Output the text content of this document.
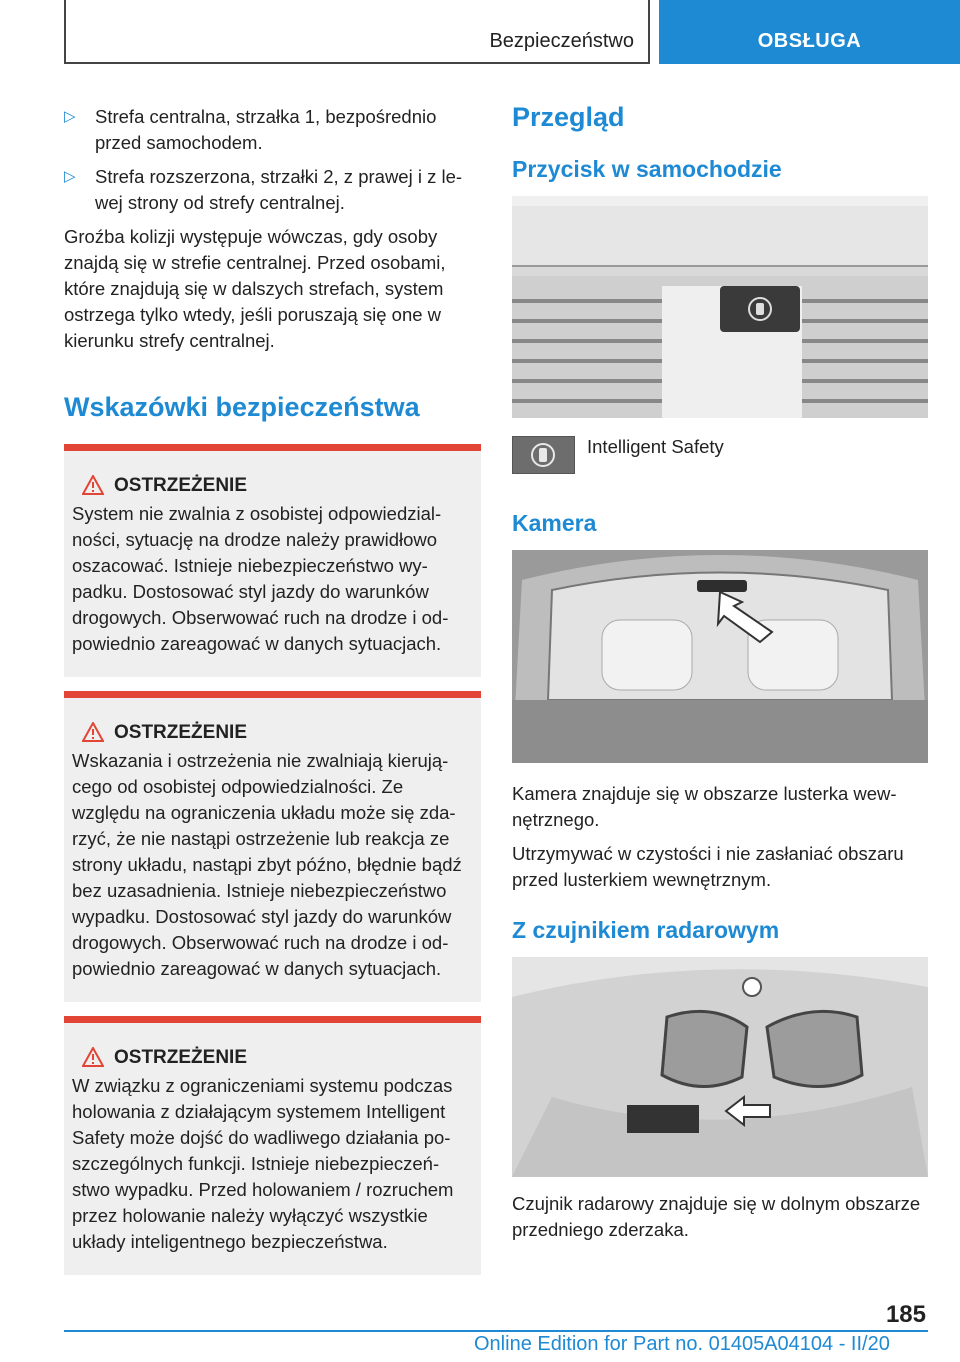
Bezpieczeństwo	OBSŁUGA
▷ Strefa centralna, strzałka 1, bezpośrednio przed samochodem.
▷ Strefa rozszerzona, strzałki 2, z prawej i z le-wej strony od strefy centralnej.

Groźba kolizji występuje wówczas, gdy osoby znajdą się w strefie centralnej. Przed osobami, które znajdują się w dalszych strefach, system ostrzega tylko wtedy, jeśli poruszają się one w kierunku strefy centralnej.

Wskazówki bezpieczeństwa
OSTRZEŻENIE
System nie zwalnia z osobistej odpowiedzial-ności, sytuację na drodze należy prawidłowo oszacować. Istnieje niebezpieczeństwo wy-padku. Dostosować styl jazdy do warunków drogowych. Obserwować ruch na drodze i od-powiednio zareagować w danych sytuacjach.
OSTRZEŻENIE
Wskazania i ostrzeżenia nie zwalniają kierują-cego od osobistej odpowiedzialności. Ze względu na ograniczenia układu może się zda-rzyć, że nie nastąpi ostrzeżenie lub reakcja ze strony układu, nastąpi zbyt późno, błędnie bądź bez uzasadnienia. Istnieje niebezpieczeństwo wypadku. Dostosować styl jazdy do warunków drogowych. Obserwować ruch na drodze i od-powiednio zareagować w danych sytuacjach.
OSTRZEŻENIE
W związku z ograniczeniami systemu podczas holowania z działającym systemem Intelligent Safety może dojść do wadliwego działania po-szczególnych funkcji. Istnieje niebezpieczeń-stwo wypadku. Przed holowaniem / rozruchem przez holowanie należy wyłączyć wszystkie układy inteligentnego bezpieczeństwa.
Przegląd
Przycisk w samochodzie
Intelligent Safety
Kamera

Kamera znajduje się w obszarze lusterka wew-nętrznego.

Utrzymywać w czystości i nie zasłaniać obszaru przed lusterkiem wewnętrznym.

Z czujnikiem radarowym

Czujnik radarowy znajduje się w dolnym obszarze przedniego zderzaka.

185
Online Edition for Part no. 01405A04104 - II/20
